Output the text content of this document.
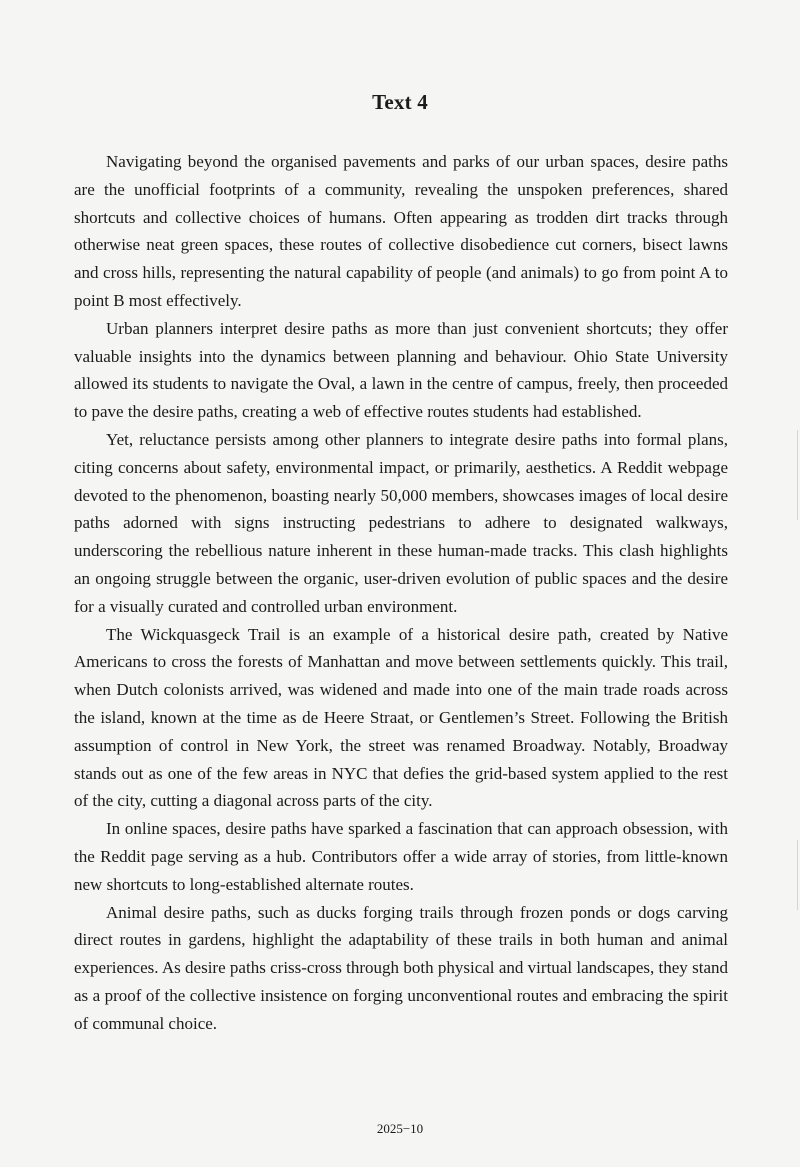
Text 4

Navigating beyond the organised pavements and parks of our urban spaces, desire paths are the unofficial footprints of a community, revealing the unspoken preferences, shared shortcuts and collective choices of humans. Often appearing as trodden dirt tracks through otherwise neat green spaces, these routes of collective disobedience cut corners, bisect lawns and cross hills, representing the natural capability of people (and animals) to go from point A to point B most effectively.

Urban planners interpret desire paths as more than just convenient shortcuts; they offer valuable insights into the dynamics between planning and behaviour. Ohio State University allowed its students to navigate the Oval, a lawn in the centre of campus, freely, then proceeded to pave the desire paths, creating a web of effective routes students had established.

Yet, reluctance persists among other planners to integrate desire paths into formal plans, citing concerns about safety, environmental impact, or primarily, aesthetics. A Reddit webpage devoted to the phenomenon, boasting nearly 50,000 members, showcases images of local desire paths adorned with signs instructing pedestrians to adhere to designated walkways, underscoring the rebellious nature inherent in these human-made tracks. This clash highlights an ongoing struggle between the organic, user-driven evolution of public spaces and the desire for a visually curated and controlled urban environment.

The Wickquasgeck Trail is an example of a historical desire path, created by Native Americans to cross the forests of Manhattan and move between settlements quickly. This trail, when Dutch colonists arrived, was widened and made into one of the main trade roads across the island, known at the time as de Heere Straat, or Gentlemen’s Street. Following the British assumption of control in New York, the street was renamed Broadway. Notably, Broadway stands out as one of the few areas in NYC that defies the grid-based system applied to the rest of the city, cutting a diagonal across parts of the city.

In online spaces, desire paths have sparked a fascination that can approach obsession, with the Reddit page serving as a hub. Contributors offer a wide array of stories, from little-known new shortcuts to long-established alternate routes.

Animal desire paths, such as ducks forging trails through frozen ponds or dogs carving direct routes in gardens, highlight the adaptability of these trails in both human and animal experiences. As desire paths criss-cross through both physical and virtual landscapes, they stand as a proof of the collective insistence on forging unconventional routes and embracing the spirit of communal choice.

2025−10
